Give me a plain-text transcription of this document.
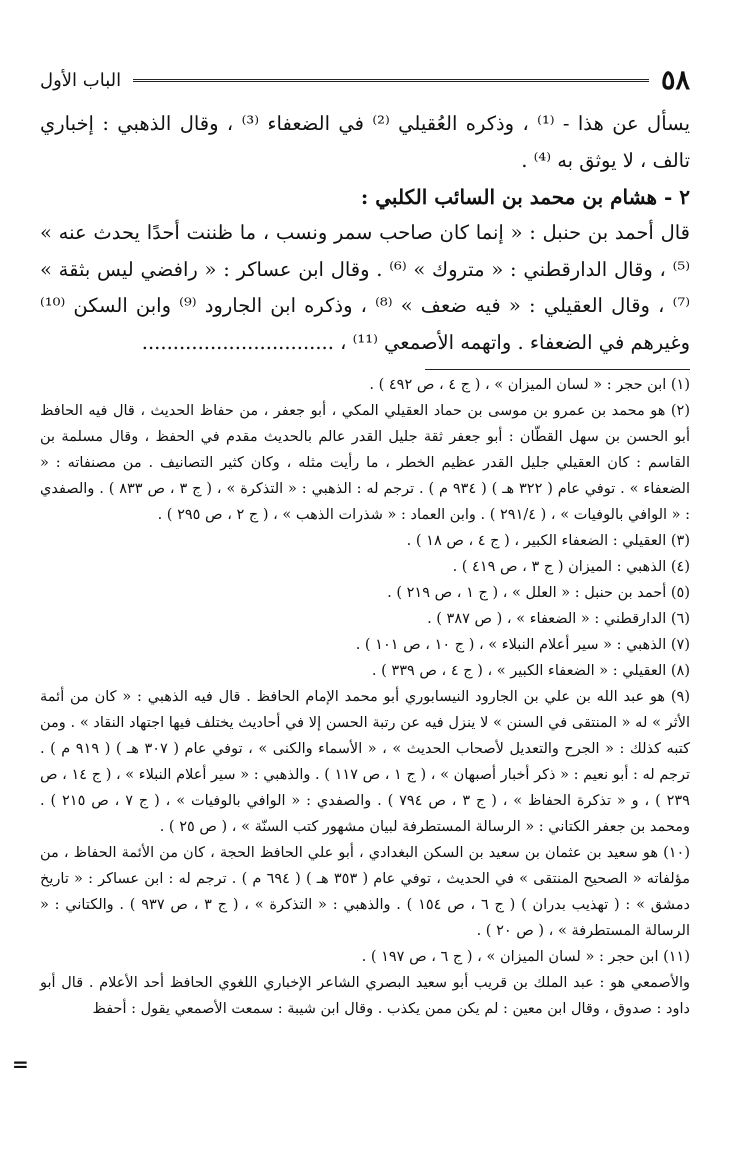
٥٨
الباب الأول

يسأل عن هذا - ⁽¹⁾ ، وذكره العُقيلي ⁽²⁾ في الضعفاء ⁽³⁾ ، وقال الذهبي : إخباري تالف ، لا يوثق به ⁽⁴⁾ .

٢ - هشام بن محمد بن السائب الكلبي :

قال أحمد بن حنبل : « إنما كان صاحب سمر ونسب ، ما ظننت أحدًا يحدث عنه » ⁽⁵⁾ ، وقال الدارقطني : « متروك » ⁽⁶⁾ . وقال ابن عساكر : « رافضي ليس بثقة » ⁽⁷⁾ ، وقال العقيلي : « فيه ضعف » ⁽⁸⁾ ، وذكره ابن الجارود ⁽⁹⁾ وابن السكن ⁽¹⁰⁾ وغيرهم في الضعفاء . واتهمه الأصمعي ⁽¹¹⁾ ، ...............................

(١) ابن حجر : « لسان الميزان » ، ( ج ٤ ، ص ٤٩٢ ) .

(٢) هو محمد بن عمرو بن موسى بن حماد العقيلي المكي ، أبو جعفر ، من حفاظ الحديث ، قال فيه الحافظ أبو الحسن بن سهل القطّان : أبو جعفر ثقة جليل القدر عالم بالحديث مقدم في الحفظ ، وقال مسلمة بن القاسم : كان العقيلي جليل القدر عظيم الخطر ، ما رأيت مثله ، وكان كثير التصانيف . من مصنفاته : « الضعفاء » . توفي عام ( ٣٢٢ هـ ) ( ٩٣٤ م ) . ترجم له : الذهبي : « التذكرة » ، ( ج ٣ ، ص ٨٣٣ ) . والصفدي : « الوافي بالوفيات » ، ( ٢٩١/٤ ) . وابن العماد : « شذرات الذهب » ، ( ج ٢ ، ص ٢٩٥ ) .

(٣) العقيلي : الضعفاء الكبير ، ( ج ٤ ، ص ١٨ ) .

(٤) الذهبي : الميزان ( ج ٣ ، ص ٤١٩ ) .

(٥) أحمد بن حنبل : « العلل » ، ( ج ١ ، ص ٢١٩ ) .

(٦) الدارقطني : « الضعفاء » ، ( ص ٣٨٧ ) .

(٧) الذهبي : « سير أعلام النبلاء » ، ( ج ١٠ ، ص ١٠١ ) .

(٨) العقيلي : « الضعفاء الكبير » ، ( ج ٤ ، ص ٣٣٩ ) .

(٩) هو عبد الله بن علي بن الجارود النيسابوري أبو محمد الإمام الحافظ . قال فيه الذهبي : « كان من أئمة الأثر » له « المنتقى في السنن » لا ينزل فيه عن رتبة الحسن إلا في أحاديث يختلف فيها اجتهاد النقاد » . ومن كتبه كذلك : « الجرح والتعديل لأصحاب الحديث » ، « الأسماء والكنى » ، توفي عام ( ٣٠٧ هـ ) ( ٩١٩ م ) . ترجم له : أبو نعيم : « ذكر أخبار أصبهان » ، ( ج ١ ، ص ١١٧ ) . والذهبي : « سير أعلام النبلاء » ، ( ج ١٤ ، ص ٢٣٩ ) ، و « تذكرة الحفاظ » ، ( ج ٣ ، ص ٧٩٤ ) . والصفدي : « الوافي بالوفيات » ، ( ج ٧ ، ص ٢١٥ ) . ومحمد بن جعفر الكتاني : « الرسالة المستطرفة لبيان مشهور كتب السنّة » ، ( ص ٢٥ ) .

(١٠) هو سعيد بن عثمان بن سعيد بن السكن البغدادي ، أبو علي الحافظ الحجة ، كان من الأئمة الحفاظ ، من مؤلفاته « الصحيح المنتقى » في الحديث ، توفي عام ( ٣٥٣ هـ ) ( ٦٩٤ م ) . ترجم له : ابن عساكر : « تاريخ دمشق » : ( تهذيب بدران ) ( ج ٦ ، ص ١٥٤ ) . والذهبي : « التذكرة » ، ( ج ٣ ، ص ٩٣٧ ) . والكتاني : « الرسالة المستطرفة » ، ( ص ٢٠ ) .

(١١) ابن حجر : « لسان الميزان » ، ( ج ٦ ، ص ١٩٧ ) .

والأصمعي هو : عبد الملك بن قريب أبو سعيد البصري الشاعر الإخباري اللغوي الحافظ أحد الأعلام . قال أبو داود : صدوق ، وقال ابن معين : لم يكن ممن يكذب . وقال ابن شيبة : سمعت الأصمعي يقول : أحفظ

=
